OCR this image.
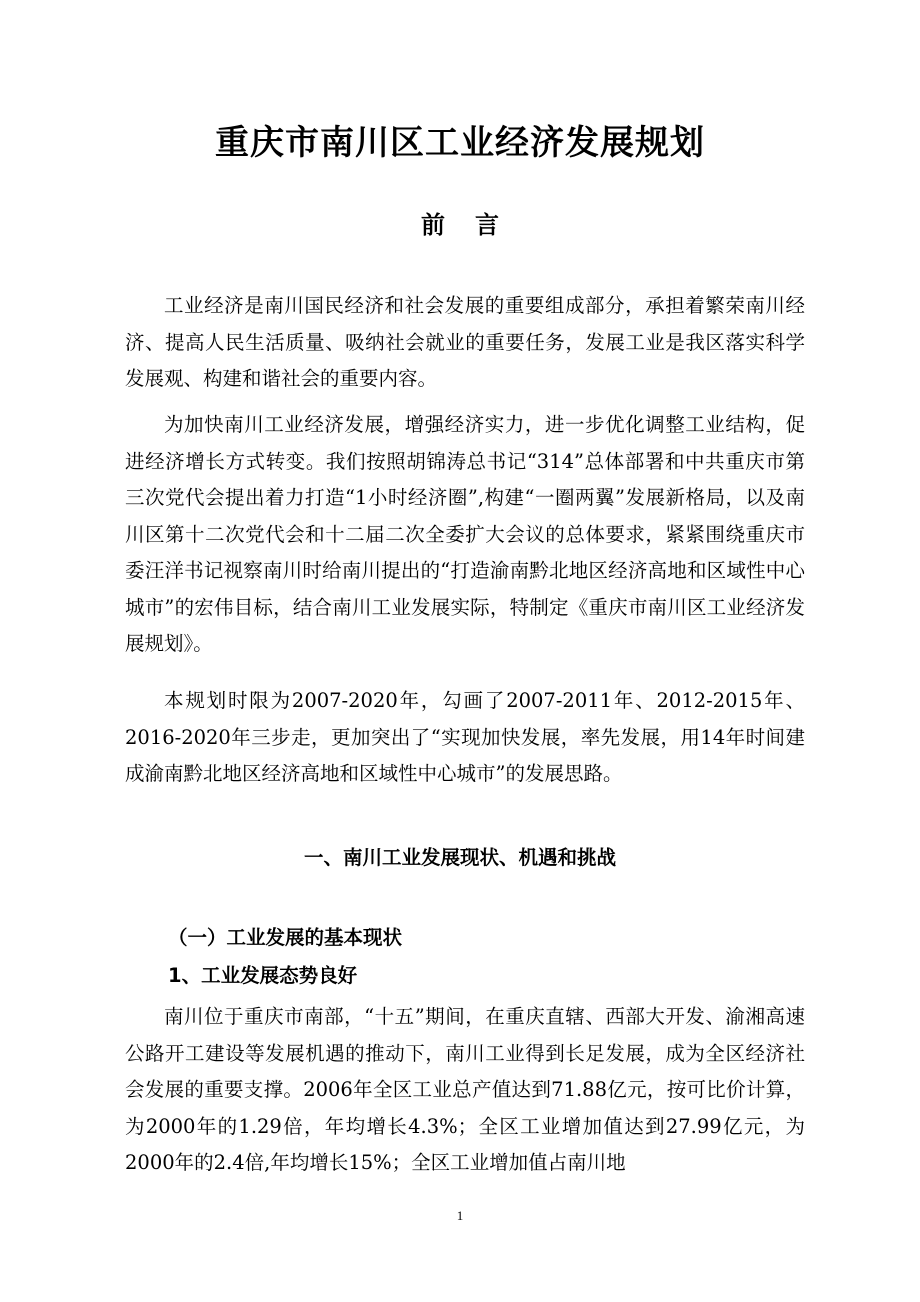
重庆市南川区工业经济发展规划
前言

工业经济是南川国民经济和社会发展的重要组成部分，承担着繁荣南川经济、提高人民生活质量、吸纳社会就业的重要任务，发展工业是我区落实科学发展观、构建和谐社会的重要内容。

为加快南川工业经济发展，增强经济实力，进一步优化调整工业结构，促进经济增长方式转变。我们按照胡锦涛总书记“314”总体部署和中共重庆市第三次党代会提出着力打造“1小时经济圈”,构建“一圈两翼”发展新格局，以及南川区第十二次党代会和十二届二次全委扩大会议的总体要求，紧紧围绕重庆市委汪洋书记视察南川时给南川提出的“打造渝南黔北地区经济高地和区域性中心城市”的宏伟目标，结合南川工业发展实际，特制定《重庆市南川区工业经济发展规划》。

本规划时限为2007-2020年，勾画了2007-2011年、2012-2015年、2016-2020年三步走，更加突出了“实现加快发展，率先发展，用14年时间建成渝南黔北地区经济高地和区域性中心城市”的发展思路。

一、南川工业发展现状、机遇和挑战
（一）工业发展的基本现状
1、工业发展态势良好

南川位于重庆市南部，“十五”期间，在重庆直辖、西部大开发、渝湘高速公路开工建设等发展机遇的推动下，南川工业得到长足发展，成为全区经济社会发展的重要支撑。2006年全区工业总产值达到71.88亿元，按可比价计算，为2000年的1.29倍，年均增长4.3%；全区工业增加值达到27.99亿元，为2000年的2.4倍,年均增长15%；全区工业增加值占南川地

1
